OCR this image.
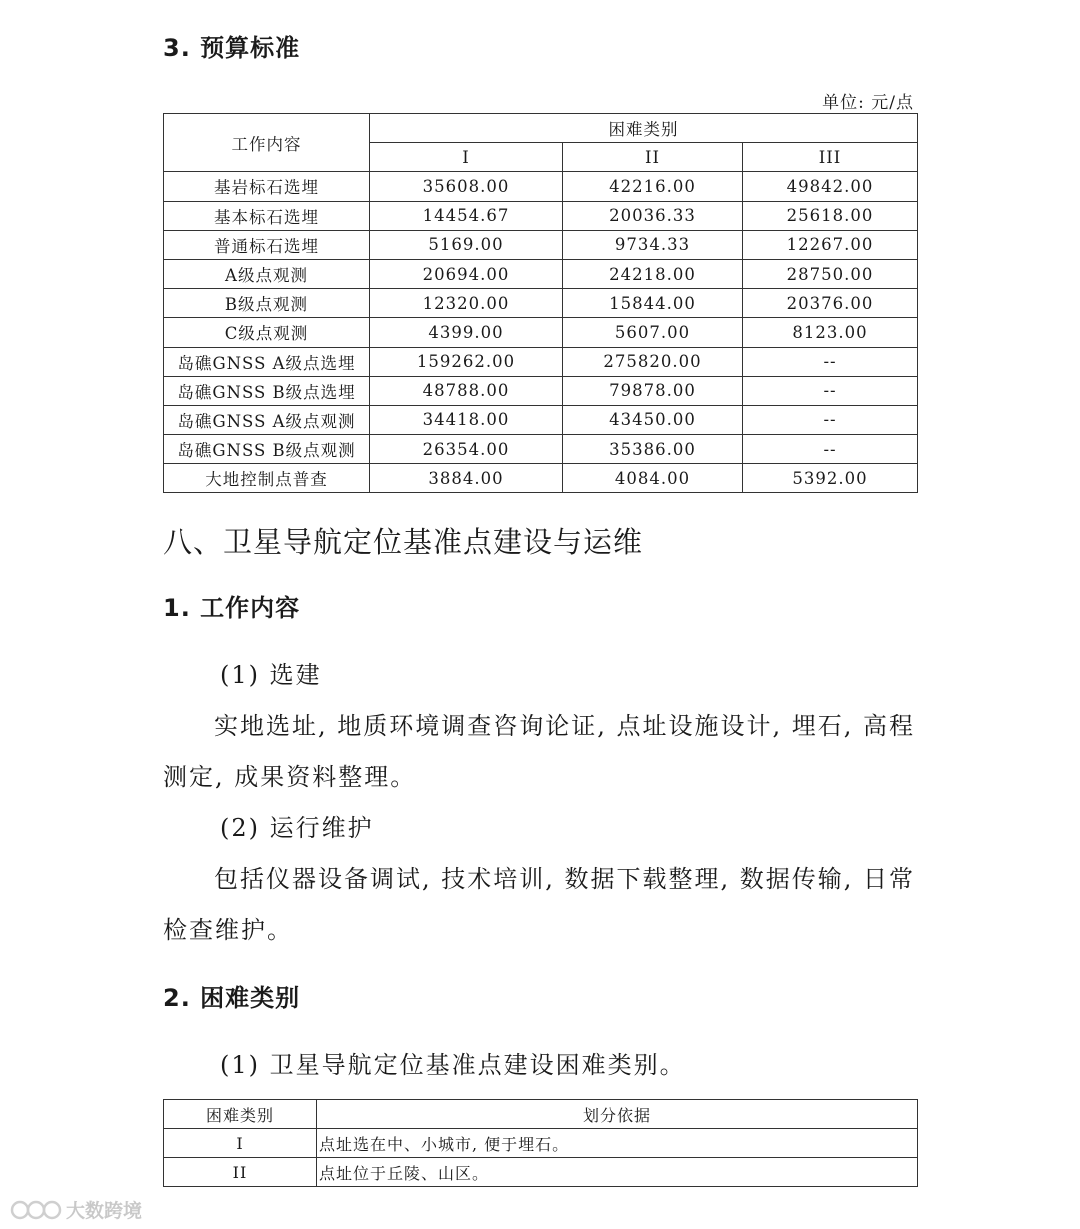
3. 预算标准
单位: 元/点
工作内容	困难类别		
	I	II	III
基岩标石选埋	35608.00	42216.00	49842.00
基本标石选埋	14454.67	20036.33	25618.00
普通标石选埋	5169.00	9734.33	12267.00
A级点观测	20694.00	24218.00	28750.00
B级点观测	12320.00	15844.00	20376.00
C级点观测	4399.00	5607.00	8123.00
岛礁GNSS A级点选埋	159262.00	275820.00	--
岛礁GNSS B级点选埋	48788.00	79878.00	--
岛礁GNSS A级点观测	34418.00	43450.00	--
岛礁GNSS B级点观测	26354.00	35386.00	--
大地控制点普查	3884.00	4084.00	5392.00
八、卫星导航定位基准点建设与运维
1. 工作内容
(1) 选建
实地选址, 地质环境调查咨询论证, 点址设施设计, 埋石, 高程
测定, 成果资料整理。
(2) 运行维护
包括仪器设备调试, 技术培训, 数据下载整理, 数据传输, 日常
检查维护。
2. 困难类别
(1) 卫星导航定位基准点建设困难类别。
困难类别	划分依据
I	点址选在中、小城市, 便于埋石。
II	点址位于丘陵、山区。
大数跨境
